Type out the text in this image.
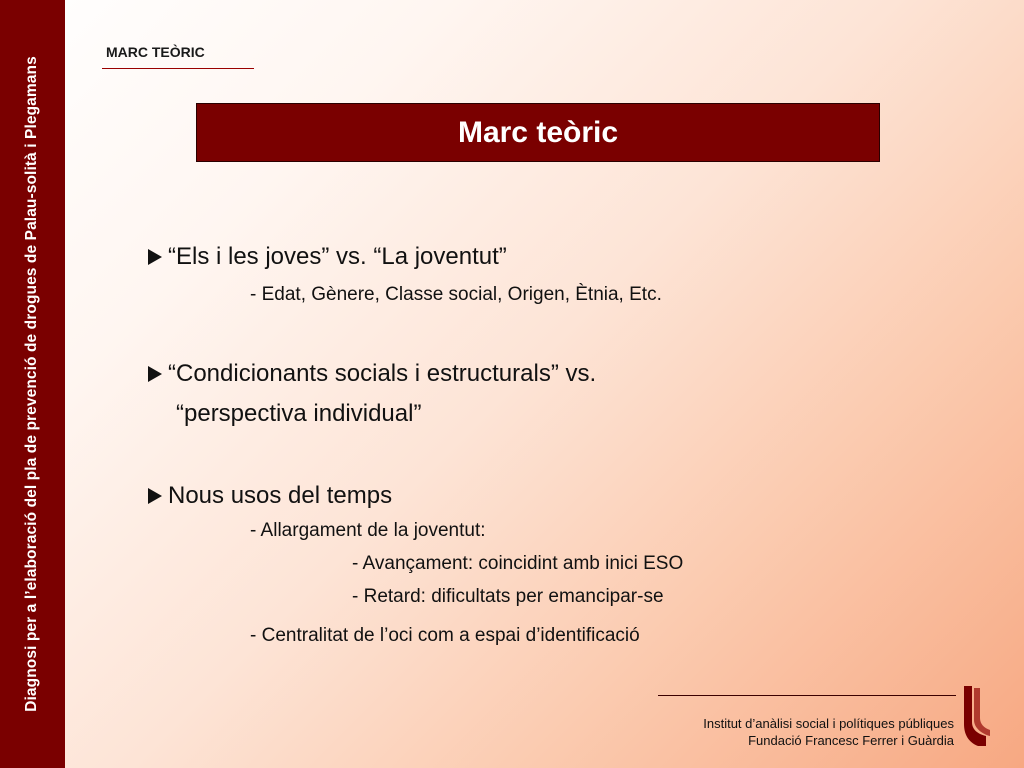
Diagnosi per a l’elaboració del pla de prevenció de drogues de Palau-solità i Plegamans
MARC TEÒRIC
Marc teòric
“Els i les joves” vs. “La joventut”
- Edat, Gènere, Classe social, Origen, Ètnia, Etc.
“Condicionants socials i estructurals” vs.
“perspectiva individual”
Nous usos del temps
- Allargament de la joventut:
- Avançament: coincidint amb inici ESO
- Retard: dificultats per emancipar-se
- Centralitat de l’oci com a espai d’identificació
Institut d’anàlisi social i polítiques públiques
Fundació Francesc Ferrer i Guàrdia
